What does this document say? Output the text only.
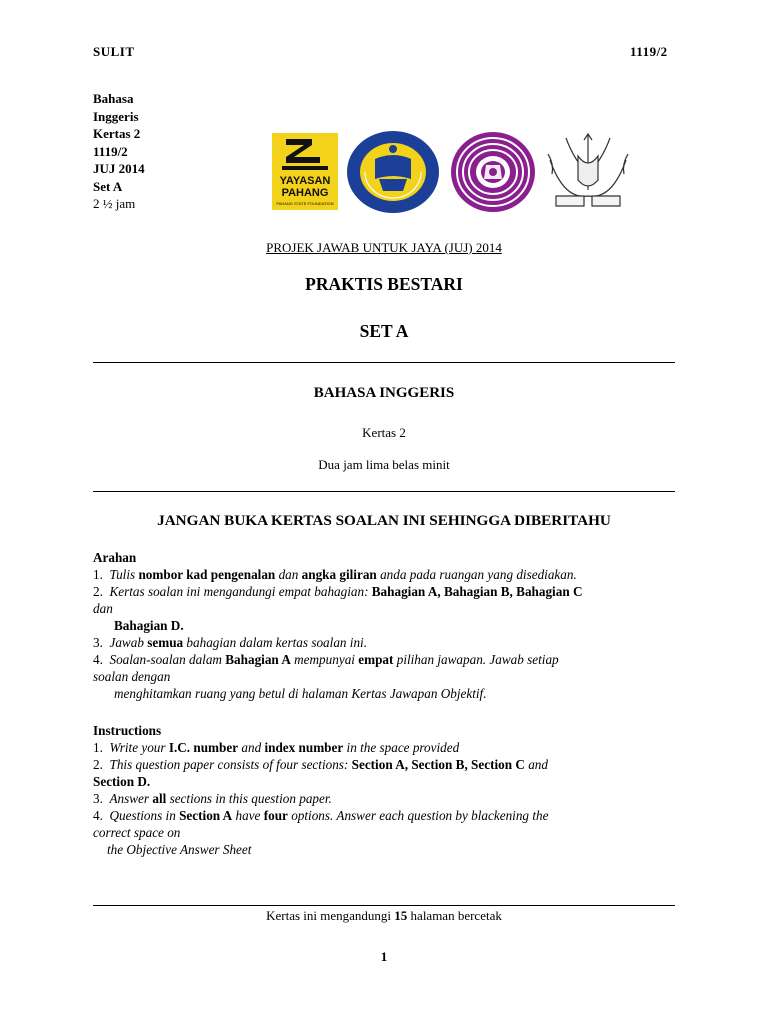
SULIT	1119/2
Bahasa
Inggeris
Kertas 2
1119/2
JUJ 2014
Set A
2 ½ jam
YAYASAN
PAHANG
PAHANG STATE FOUNDATION
PROJEK JAWAB UNTUK JAYA (JUJ) 2014
PRAKTIS BESTARI
SET A
BAHASA INGGERIS
Kertas 2
Dua jam lima belas minit
JANGAN BUKA KERTAS SOALAN INI SEHINGGA DIBERITAHU

Arahan

1. Tulis nombor kad pengenalan dan angka giliran anda pada ruangan yang disediakan.

2. Kertas soalan ini mengandungi empat bahagian: Bahagian A, Bahagian B, Bahagian C
dan

Bahagian D.

3. Jawab semua bahagian dalam kertas soalan ini.

4. Soalan-soalan dalam Bahagian A mempunyai empat pilihan jawapan. Jawab setiap
soalan dengan

menghitamkan ruang yang betul di halaman Kertas Jawapan Objektif.

Instructions

1. Write your I.C. number and index number in the space provided

2. This question paper consists of four sections: Section A, Section B, Section C and
Section D.

3. Answer all sections in this question paper.

4. Questions in Section A have four options. Answer each question by blackening the
correct space on

the Objective Answer Sheet

Kertas ini mengandungi 15 halaman bercetak
1
